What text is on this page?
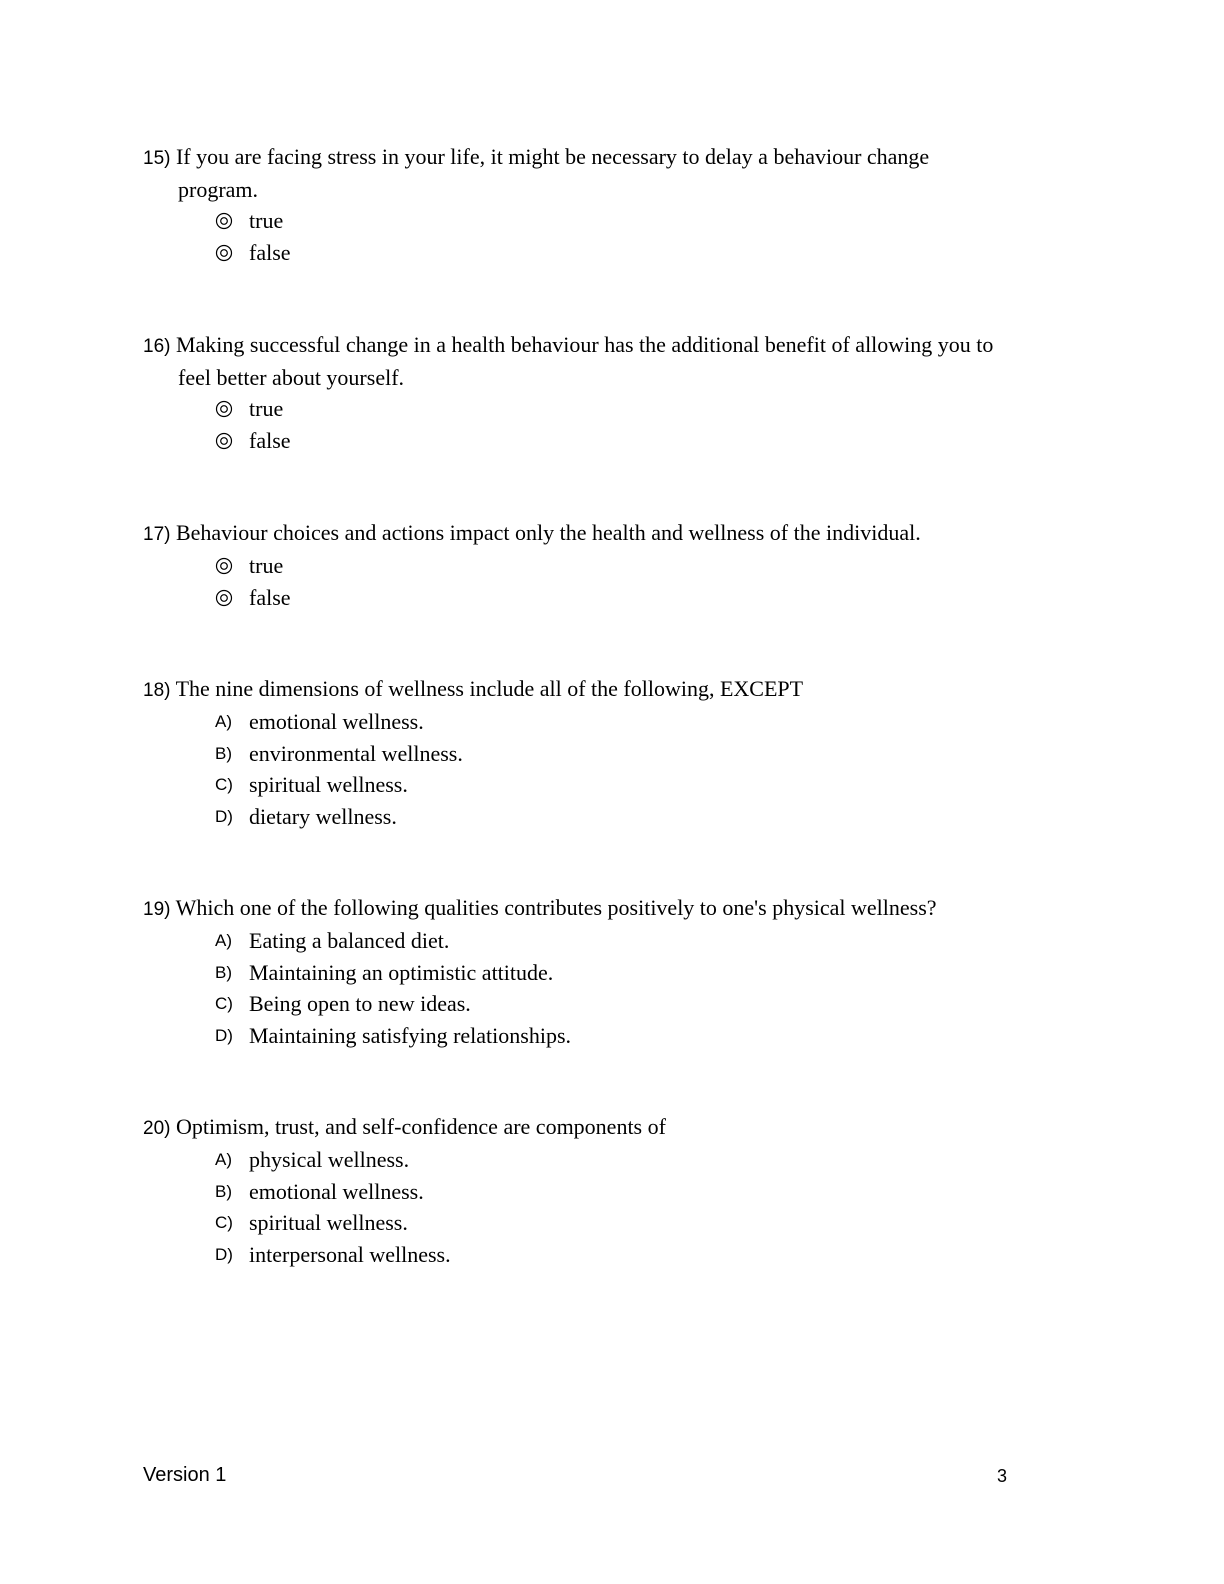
15) If you are facing stress in your life, it might be necessary to delay a behaviour change
program.
true
false
16) Making successful change in a health behaviour has the additional benefit of allowing you to
feel better about yourself.
true
false
17) Behaviour choices and actions impact only the health and wellness of the individual.
true
false
18) The nine dimensions of wellness include all of the following, EXCEPT
A) emotional wellness.
B) environmental wellness.
C) spiritual wellness.
D) dietary wellness.
19) Which one of the following qualities contributes positively to one's physical wellness?
A) Eating a balanced diet.
B) Maintaining an optimistic attitude.
C) Being open to new ideas.
D) Maintaining satisfying relationships.
20) Optimism, trust, and self-confidence are components of
A) physical wellness.
B) emotional wellness.
C) spiritual wellness.
D) interpersonal wellness.
Version 1	3
